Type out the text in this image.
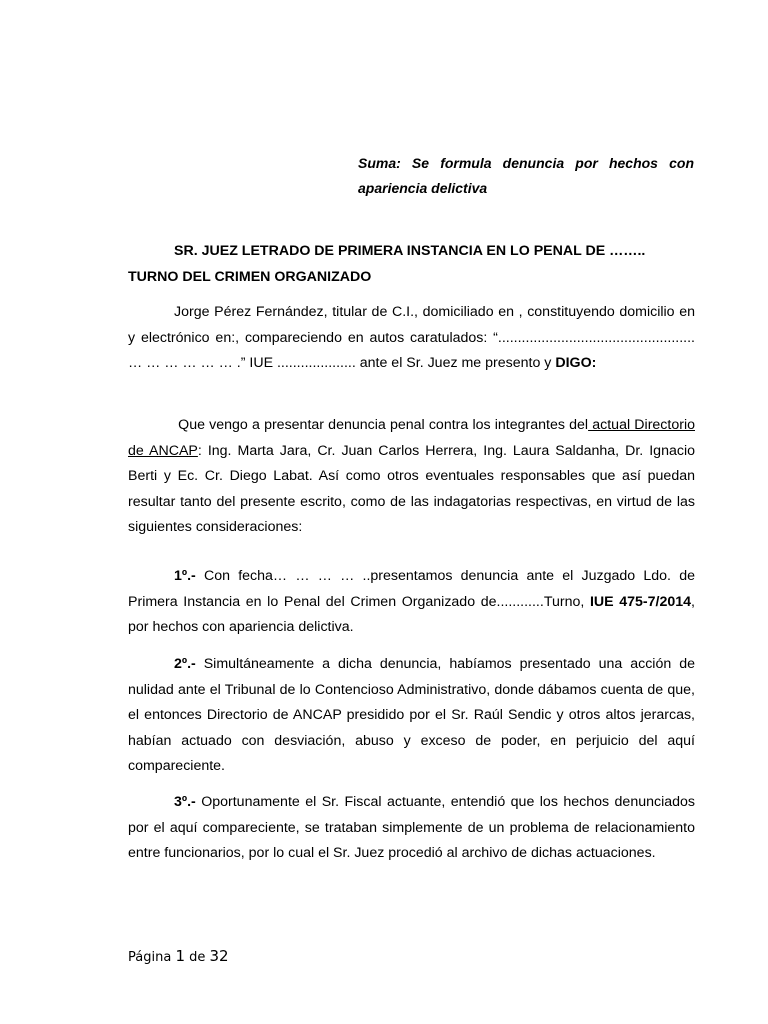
Suma: Se formula denuncia por hechos con apariencia delictiva
SR. JUEZ LETRADO DE PRIMERA INSTANCIA EN LO PENAL DE ……..
TURNO DEL CRIMEN ORGANIZADO
Jorge Pérez Fernández, titular de C.I., domiciliado en , constituyendo domicilio en y electrónico en:, compareciendo en autos caratulados: “.................................................. … … … … … … .” IUE .................... ante el Sr. Juez me presento y DIGO:
Que vengo a presentar denuncia penal contra los integrantes del actual Directorio de ANCAP: Ing. Marta Jara, Cr. Juan Carlos Herrera, Ing. Laura Saldanha, Dr. Ignacio Berti y Ec. Cr. Diego Labat. Así como otros eventuales responsables que así puedan resultar tanto del presente escrito, como de las indagatorias respectivas, en virtud de las siguientes consideraciones:
1º.- Con fecha… … … … ..presentamos denuncia ante el Juzgado Ldo. de Primera Instancia en lo Penal del Crimen Organizado de............Turno, IUE 475-7/2014, por hechos con apariencia delictiva.
2º.- Simultáneamente a dicha denuncia, habíamos presentado una acción de nulidad ante el Tribunal de lo Contencioso Administrativo, donde dábamos cuenta de que, el entonces Directorio de ANCAP presidido por el Sr. Raúl Sendic y otros altos jerarcas, habían actuado con desviación, abuso y exceso de poder, en perjuicio del aquí compareciente.
3º.- Oportunamente el Sr. Fiscal actuante, entendió que los hechos denunciados por el aquí compareciente, se trataban simplemente de un problema de relacionamiento entre funcionarios, por lo cual el Sr. Juez procedió al archivo de dichas actuaciones.
Página 1 de 32
